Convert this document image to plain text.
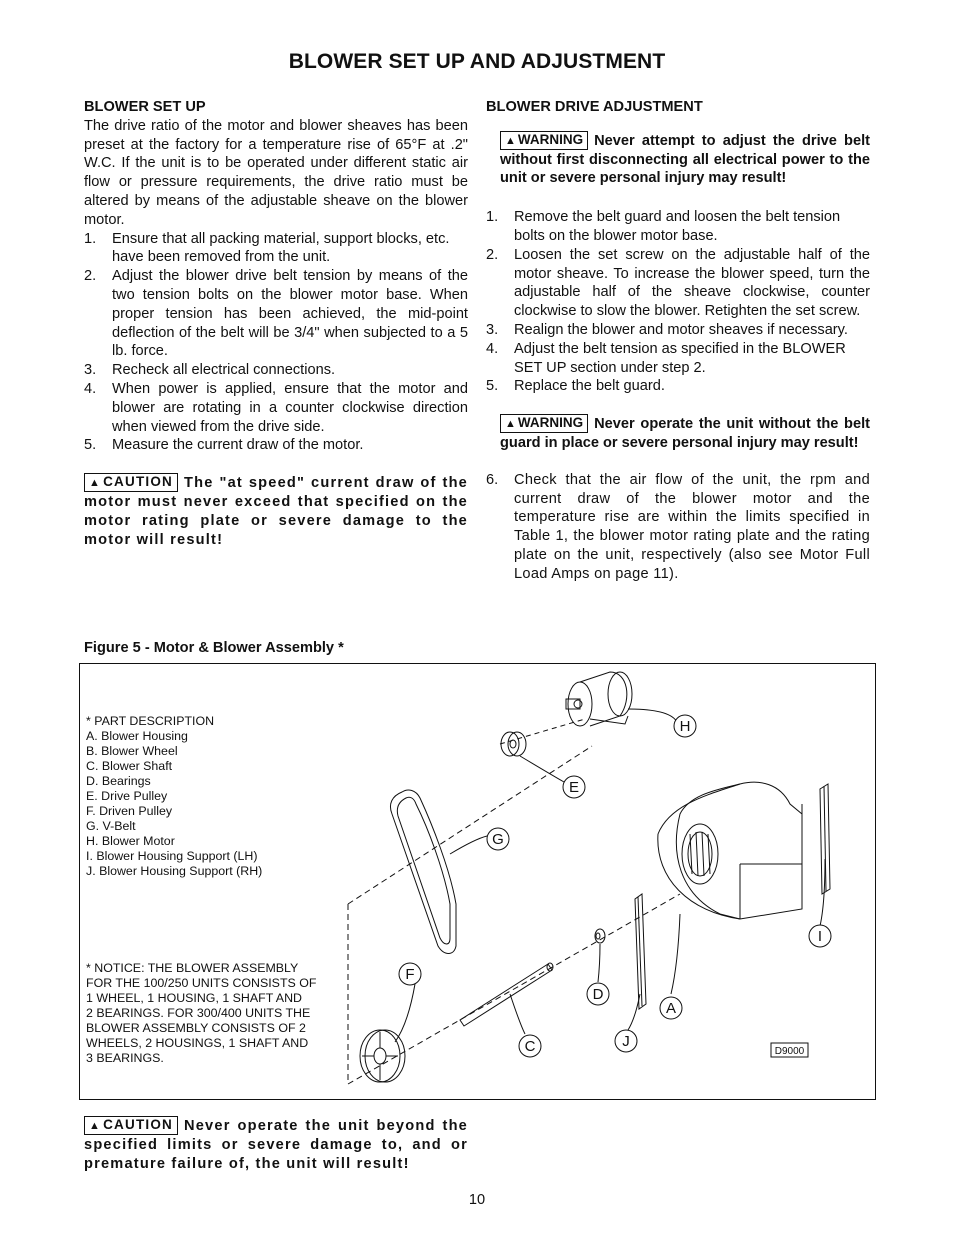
BLOWER SET UP AND ADJUSTMENT
BLOWER SET UP

The drive ratio of the motor and blower sheaves has been preset at the factory for a temperature rise of 65°F at .2" W.C. If the unit is to be operated under different static air flow or pressure requirements, the drive ratio must be altered by means of the adjustable sheave on the blower motor.

1. Ensure that all packing material, support blocks, etc. have been removed from the unit.
2. Adjust the blower drive belt tension by means of the two tension bolts on the blower motor base. When proper tension has been achieved, the mid-point deflection of the belt will be 3/4" when subjected to a 5 lb. force.
3. Recheck all electrical connections.
4. When power is applied, ensure that the motor and blower are rotating in a counter clockwise direction when viewed from the drive side.
5. Measure the current draw of the motor.
▲ CAUTION The "at speed" current draw of the motor must never exceed that specified on the motor rating plate or severe damage to the motor will result!
BLOWER DRIVE ADJUSTMENT
▲ WARNING Never attempt to adjust the drive belt without first disconnecting all electrical power to the unit or severe personal injury may result!
1. Remove the belt guard and loosen the belt tension bolts on the blower motor base.
2. Loosen the set screw on the adjustable half of the motor sheave. To increase the blower speed, turn the adjustable half of the sheave clockwise, counter clockwise to slow the blower. Retighten the set screw.
3. Realign the blower and motor sheaves if necessary.
4. Adjust the belt tension as specified in the BLOWER SET UP section under step 2.
5. Replace the belt guard.
▲ WARNING Never operate the unit without the belt guard in place or severe personal injury may result!
6. Check that the air flow of the unit, the rpm and current draw of the blower motor and the temperature rise are within the limits specified in Table 1, the blower motor rating plate and the rating plate on the unit, respectively (also see Motor Full Load Amps on page 11).
Figure 5 - Motor & Blower Assembly *
* PART DESCRIPTION
A. Blower Housing
B. Blower Wheel
C. Blower Shaft
D. Bearings
E. Drive Pulley
F. Driven Pulley
G. V-Belt
H. Blower Motor
I. Blower Housing Support (LH)
J. Blower Housing Support (RH)
* NOTICE: THE BLOWER ASSEMBLY
FOR THE 100/250 UNITS CONSISTS OF
1 WHEEL, 1 HOUSING, 1 SHAFT AND
2 BEARINGS. FOR 300/400 UNITS THE
BLOWER ASSEMBLY CONSISTS OF 2
WHEELS, 2 HOUSINGS, 1 SHAFT AND
3 BEARINGS.
H
E
G
I
F
D
A
C	J
D9000
▲ CAUTION Never operate the unit beyond the specified limits or severe damage to, and or premature failure of, the unit will result!
10
